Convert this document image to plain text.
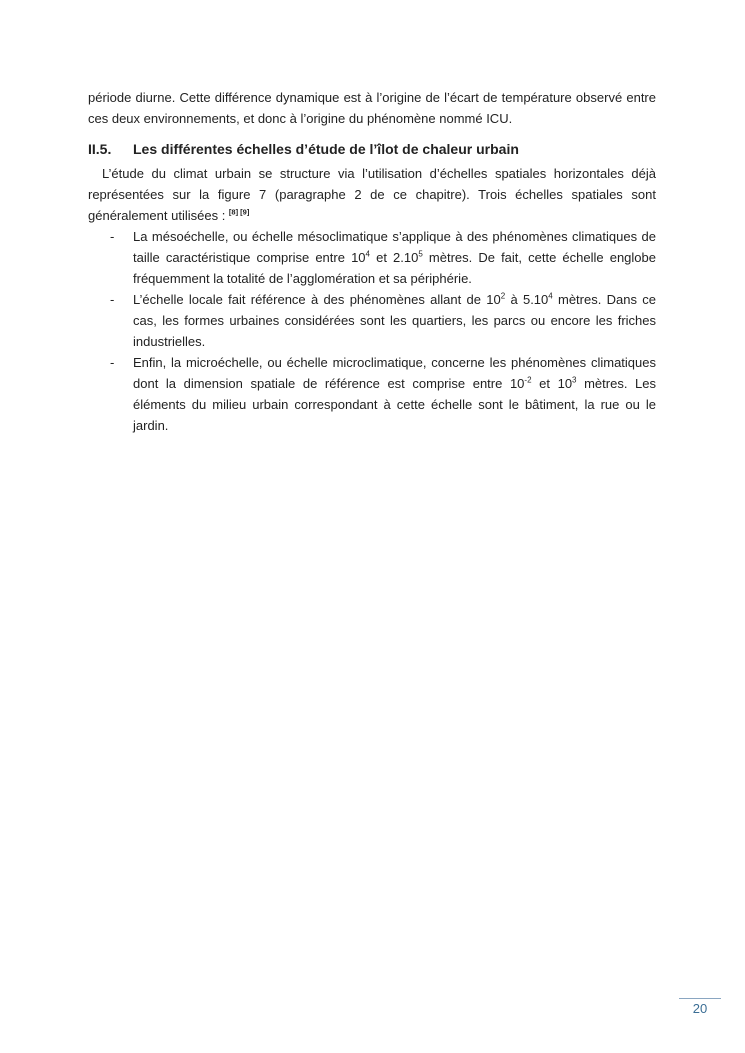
période diurne. Cette différence dynamique est à l’origine de l’écart de température observé entre ces deux environnements, et donc à l’origine du phénomène nommé ICU.

II.5.	Les différentes échelles d’étude de l’îlot de chaleur urbain

L’étude du climat urbain se structure via l’utilisation d’échelles spatiales horizontales déjà représentées sur la figure 7 (paragraphe 2 de ce chapitre). Trois échelles spatiales sont généralement utilisées : [8] [9]

- La mésoéchelle, ou échelle mésoclimatique s’applique à des phénomènes climatiques de taille caractéristique comprise entre $10^4$ et 2.10$^5$ mètres. De fait, cette échelle englobe fréquemment la totalité de l’agglomération et sa périphérie.
- L’échelle locale fait référence à des phénomènes allant de $10^2$ à 5.10$^4$ mètres. Dans ce cas, les formes urbaines considérées sont les quartiers, les parcs ou encore les friches industrielles.
- Enfin, la microéchelle, ou échelle microclimatique, concerne les phénomènes climatiques dont la dimension spatiale de référence est comprise entre $10^{-2}$ et $10^3$ mètres. Les éléments du milieu urbain correspondant à cette échelle sont le bâtiment, la rue ou le jardin.
20
